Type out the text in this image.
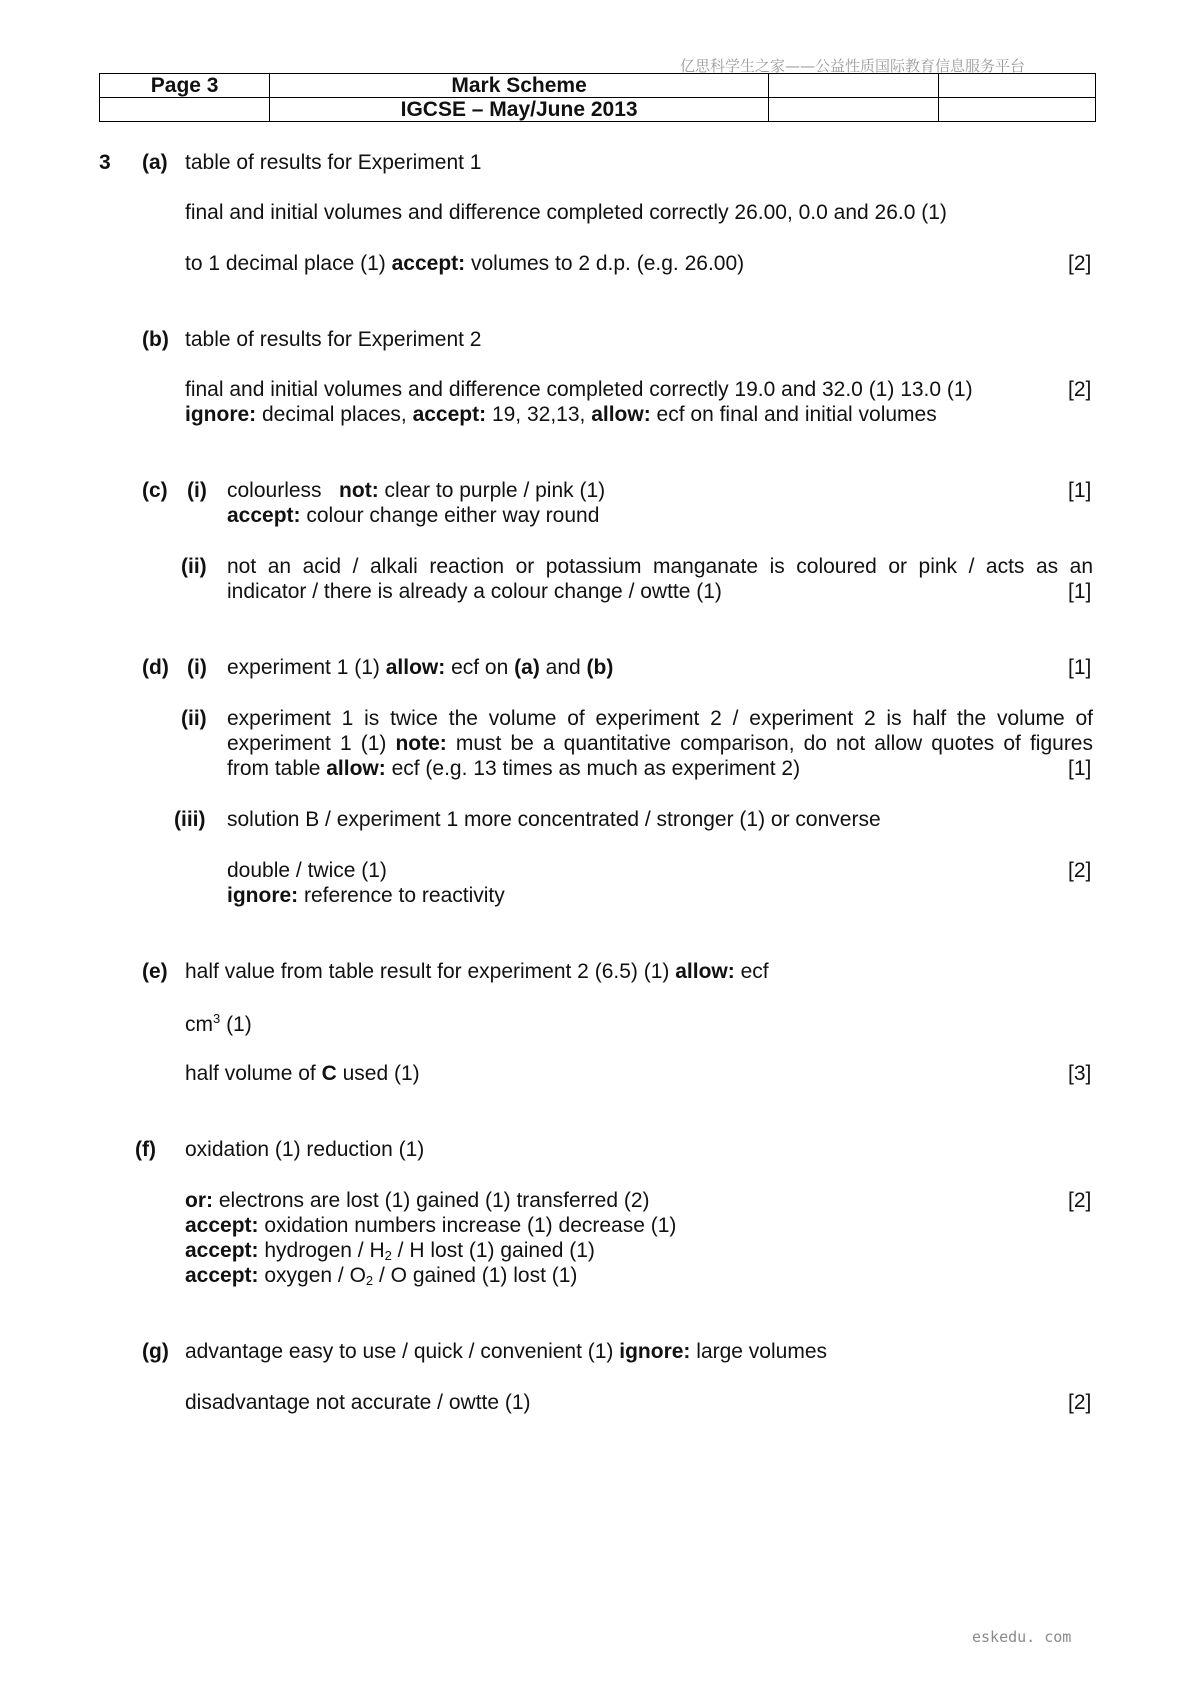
亿思科学生之家——公益性质国际教育信息服务平台
Page 3	Mark Scheme		
	IGCSE – May/June 2013		
3 (a) table of results for Experiment 1
final and initial volumes and difference completed correctly 26.00, 0.0 and 26.0 (1)
to 1 decimal place (1) accept: volumes to 2 d.p. (e.g. 26.00)	[2]
(b) table of results for Experiment 2
final and initial volumes and difference completed correctly 19.0 and 32.0 (1) 13.0 (1)	[2]
ignore: decimal places, accept: 19, 32,13, allow: ecf on final and initial volumes
(c) (i) colourless   not: clear to purple / pink (1)	[1]
accept: colour change either way round
(ii) not an acid / alkali reaction or potassium manganate is coloured or pink / acts as an
indicator / there is already a colour change / owtte (1)	[1]
(d) (i) experiment 1 (1) allow: ecf on (a) and (b)	[1]
(ii) experiment 1 is twice the volume of experiment 2 / experiment 2 is half the volume of
experiment 1 (1) note: must be a quantitative comparison, do not allow quotes of figures
from table allow: ecf (e.g. 13 times as much as experiment 2)	[1]
(iii) solution B / experiment 1 more concentrated / stronger (1) or converse
double / twice (1)	[2]
ignore: reference to reactivity
(e) half value from table result for experiment 2 (6.5) (1) allow: ecf
$cm^3$ (1)
half volume of C used (1)	[3]
(f) oxidation (1) reduction (1)
or: electrons are lost (1) gained (1) transferred (2)	[2]
accept: oxidation numbers increase (1) decrease (1)
accept: hydrogen / $H_2$ / H lost (1) gained (1)
accept: oxygen / $O_2$ / O gained (1) lost (1)
(g) advantage easy to use / quick / convenient (1) ignore: large volumes
disadvantage not accurate / owtte (1)	[2]
eskedu. com
